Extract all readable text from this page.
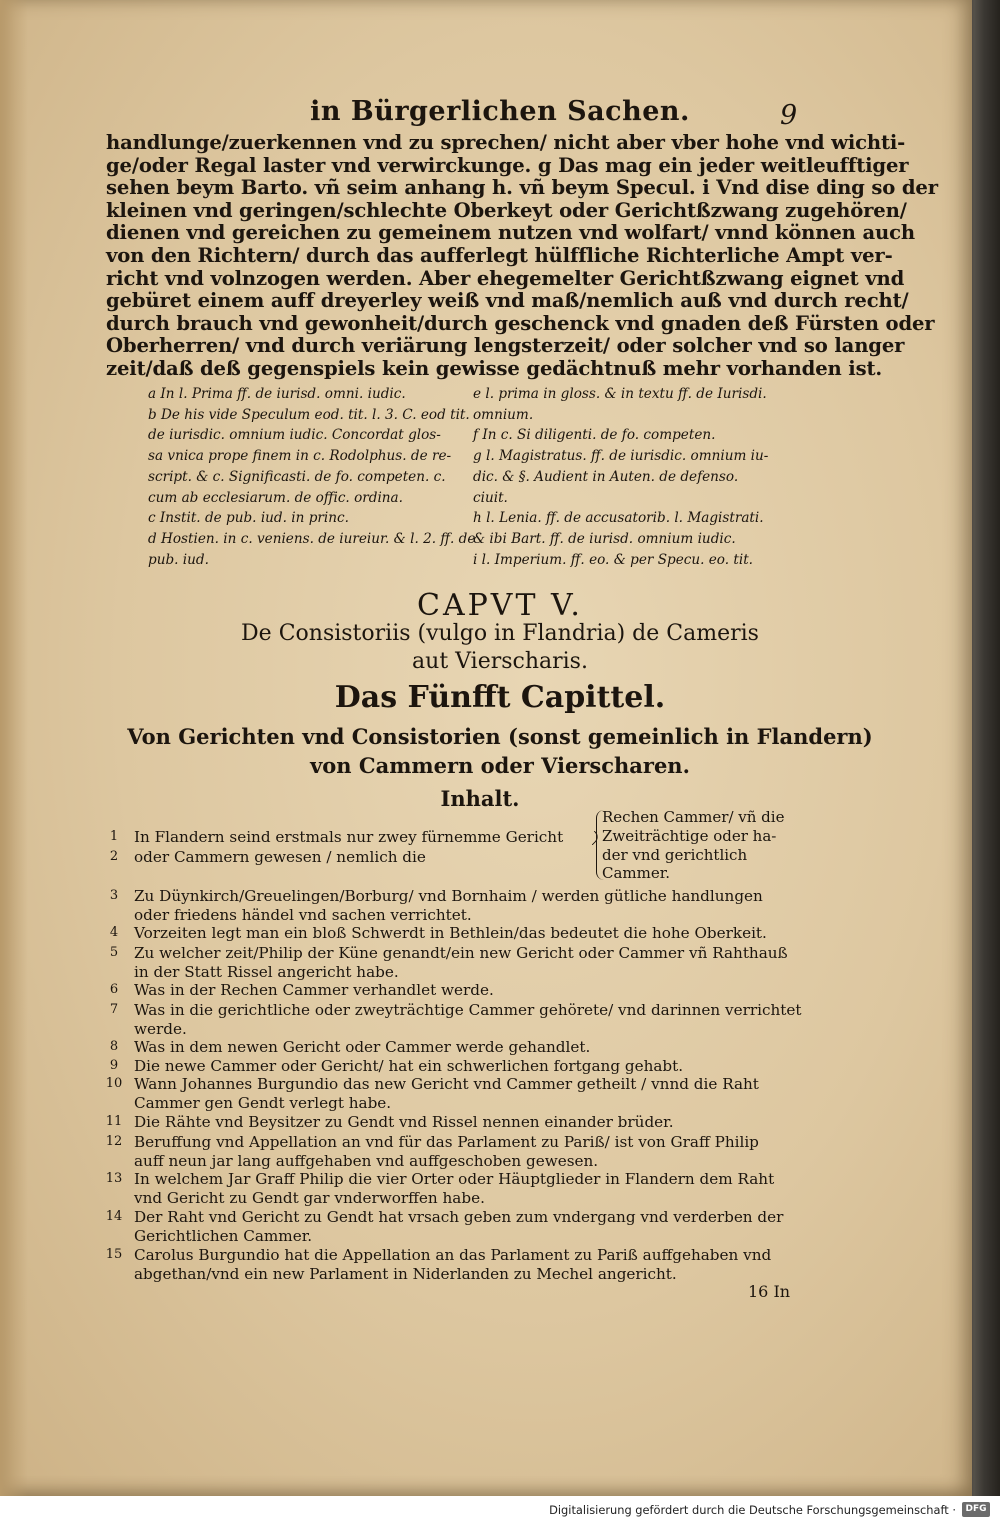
in Bürgerlichen Sachen.	9
handlunge/zuerkennen vnd zu sprechen/ nicht aber vber hohe vnd wichti-
ge/oder Regal laster vnd verwirckunge. g Das mag ein jeder weitleufftiger
sehen beym Barto. vñ seim anhang h. vñ beym Specul. i Vnd dise ding so der
kleinen vnd geringen/schlechte Oberkeyt oder Gerichtßzwang zugehören/
dienen vnd gereichen zu gemeinem nutzen vnd wolfart/ vnnd können auch
von den Richtern/ durch das aufferlegt hülffliche Richterliche Ampt ver-
richt vnd volnzogen werden. Aber ehegemelter Gerichtßzwang eignet vnd
gebüret einem auff dreyerley weiß vnd maß/nemlich auß vnd durch recht/
durch brauch vnd gewonheit/durch geschenck vnd gnaden deß Fürsten oder
Oberherren/ vnd durch veriärung lengsterzeit/ oder solcher vnd so langer
zeit/daß deß gegenspiels kein gewisse gedächtnuß mehr vorhanden ist.
a In l. Prima ff. de iurisd. omni. iudic.
b De his vide Speculum eod. tit. l. 3. C. eod tit.
de iurisdic. omnium iudic. Concordat glos-
sa vnica prope finem in c. Rodolphus. de re-
script. & c. Significasti. de fo. competen. c.
cum ab ecclesiarum. de offic. ordina.
c Instit. de pub. iud. in princ.
d Hostien. in c. veniens. de iureiur. & l. 2. ff. de
pub. iud.
e l. prima in gloss. & in textu ff. de Iurisdi.
omnium.
f In c. Si diligenti. de fo. competen.
g l. Magistratus. ff. de iurisdic. omnium iu-
dic. & §. Audient in Auten. de defenso.
ciuit.
h l. Lenia. ff. de accusatorib. l. Magistrati.
& ibi Bart. ff. de iurisd. omnium iudic.
i l. Imperium. ff. eo. & per Specu. eo. tit.
CAPVT V.
De Consistoriis (vulgo in Flandria) de Cameris
aut Vierscharis.
Das Fünfft Capittel.
Von Gerichten vnd Consistorien (sonst gemeinlich in Flandern)
von Cammern oder Vierscharen.
Inhalt.
Rechen Cammer/ vñ die
Zweiträchtige oder ha-
der vnd gerichtlich
Cammer.
1	In Flandern seind erstmals nur zwey fürnemme Gericht
2	oder Cammern gewesen / nemlich die
3	Zu Düynkirch/Greuelingen/Borburg/ vnd Bornhaim / werden gütliche handlungen
oder friedens händel vnd sachen verrichtet.
4	Vorzeiten legt man ein bloß Schwerdt in Bethlein/das bedeutet die hohe Oberkeit.
5	Zu welcher zeit/Philip der Küne genandt/ein new Gericht oder Cammer vñ Rahthauß
in der Statt Rissel angericht habe.
6	Was in der Rechen Cammer verhandlet werde.
7	Was in die gerichtliche oder zweyträchtige Cammer gehörete/ vnd darinnen verrichtet
werde.
8	Was in dem newen Gericht oder Cammer werde gehandlet.
9	Die newe Cammer oder Gericht/ hat ein schwerlichen fortgang gehabt.
10 Wann Johannes Burgundio das new Gericht vnd Cammer getheilt / vnnd die Raht
Cammer gen Gendt verlegt habe.
11 Die Rähte vnd Beysitzer zu Gendt vnd Rissel nennen einander brüder.
12 Beruffung vnd Appellation an vnd für das Parlament zu Pariß/ ist von Graff Philip
auff neun jar lang auffgehaben vnd auffgeschoben gewesen.
13 In welchem Jar Graff Philip die vier Orter oder Häuptglieder in Flandern dem Raht
vnd Gericht zu Gendt gar vnderworffen habe.
14 Der Raht vnd Gericht zu Gendt hat vrsach geben zum vndergang vnd verderben der
Gerichtlichen Cammer.
15 Carolus Burgundio hat die Appellation an das Parlament zu Pariß auffgehaben vnd
abgethan/vnd ein new Parlament in Niderlanden zu Mechel angericht.
16 In
Digitalisierung gefördert durch die Deutsche Forschungsgemeinschaft ·	DFG
